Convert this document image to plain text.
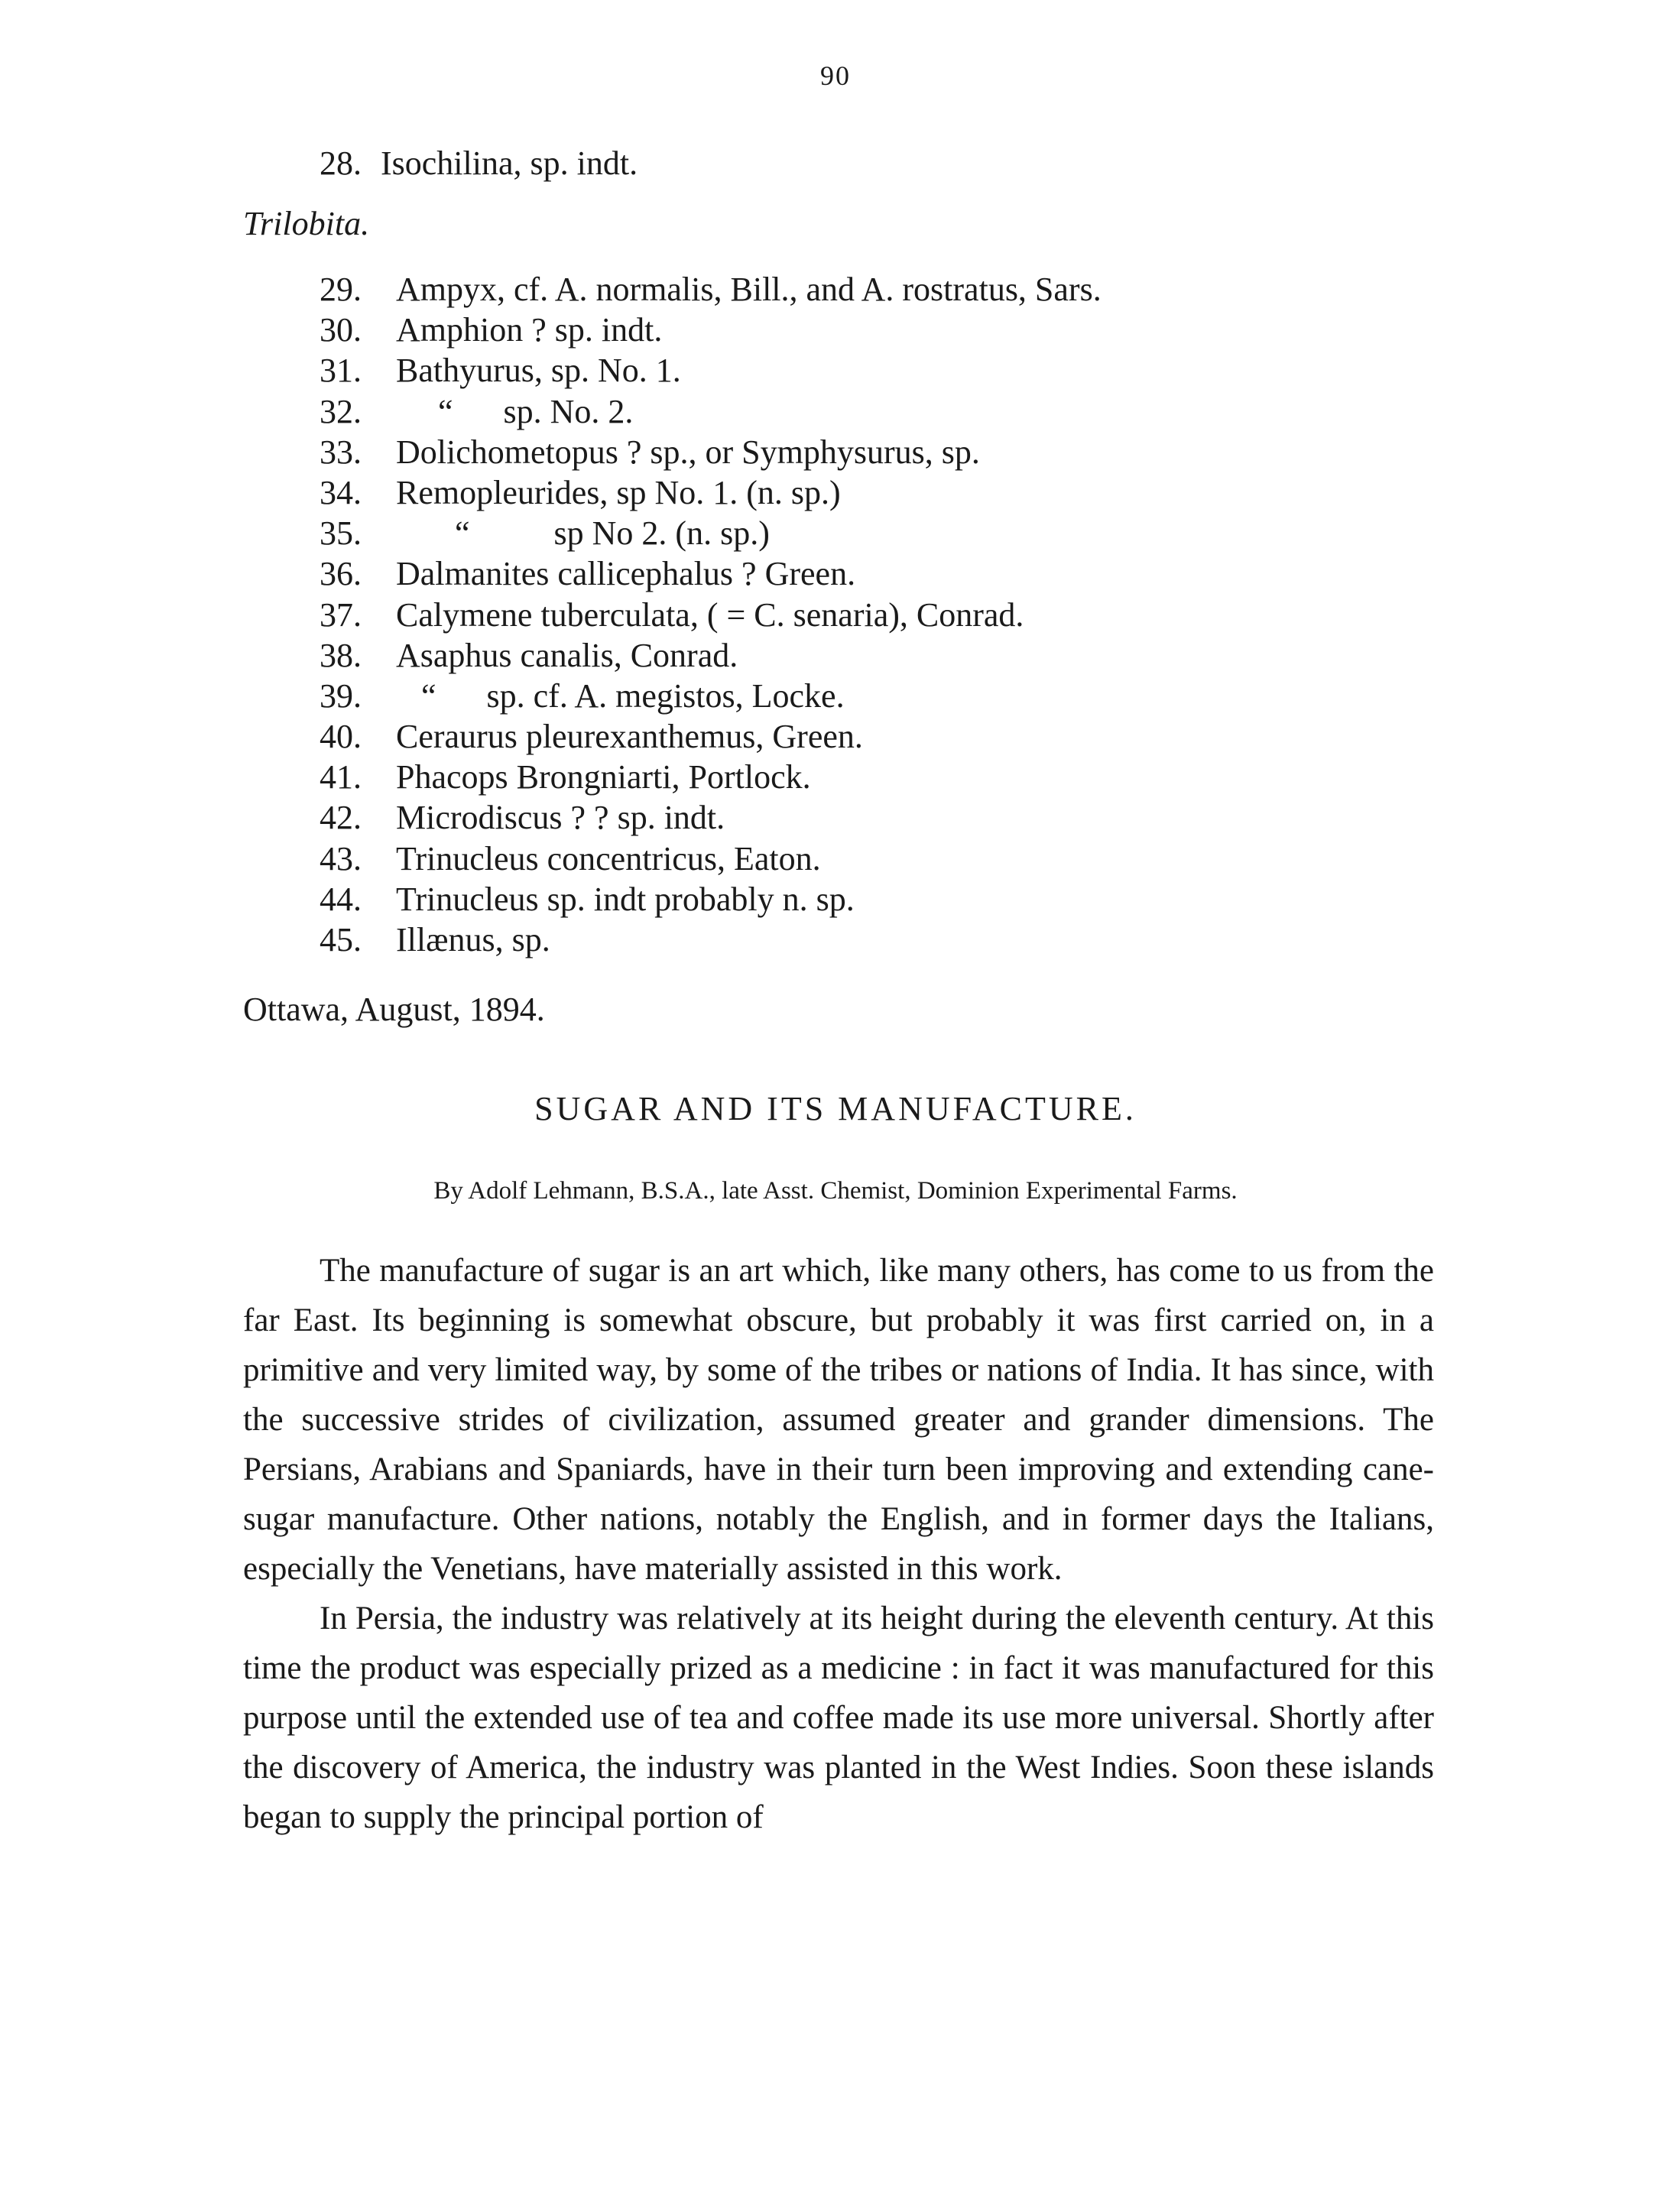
90
28. Isochilina, sp. indt.
Trilobita.
29.	Ampyx, cf. A. normalis, Bill., and A. rostratus, Sars.
30.	Amphion ? sp. indt.
31.	Bathyurus, sp. No. 1.
32.	“      sp. No. 2.
33.	Dolichometopus ? sp., or Symphysurus, sp.
34.	Remopleurides, sp No. 1. (n. sp.)
35.	“          sp No 2. (n. sp.)
36.	Dalmanites callicephalus ? Green.
37.	Calymene tuberculata, ( = C. senaria), Conrad.
38.	Asaphus canalis, Conrad.
39.	“      sp. cf. A. megistos, Locke.
40.	Ceraurus pleurexanthemus, Green.
41.	Phacops Brongniarti, Portlock.
42.	Microdiscus ? ? sp. indt.
43.	Trinucleus concentricus, Eaton.
44.	Trinucleus sp. indt probably n. sp.
45.	Illænus, sp.
Ottawa, August, 1894.
SUGAR AND ITS MANUFACTURE.
By Adolf Lehmann, B.S.A., late Asst. Chemist, Dominion Experimental Farms.

The manufacture of sugar is an art which, like many others, has come to us from the far East. Its beginning is somewhat obscure, but probably it was first carried on, in a primitive and very limited way, by some of the tribes or nations of India. It has since, with the successive strides of civilization, assumed greater and grander dimensions. The Persians, Arabians and Spaniards, have in their turn been improving and extending cane-sugar manufacture. Other nations, notably the English, and in former days the Italians, especially the Venetians, have materially assisted in this work.

In Persia, the industry was relatively at its height during the eleventh century. At this time the product was especially prized as a medicine : in fact it was manufactured for this purpose until the extended use of tea and coffee made its use more universal. Shortly after the discovery of America, the industry was planted in the West Indies. Soon these islands began to supply the principal portion of
